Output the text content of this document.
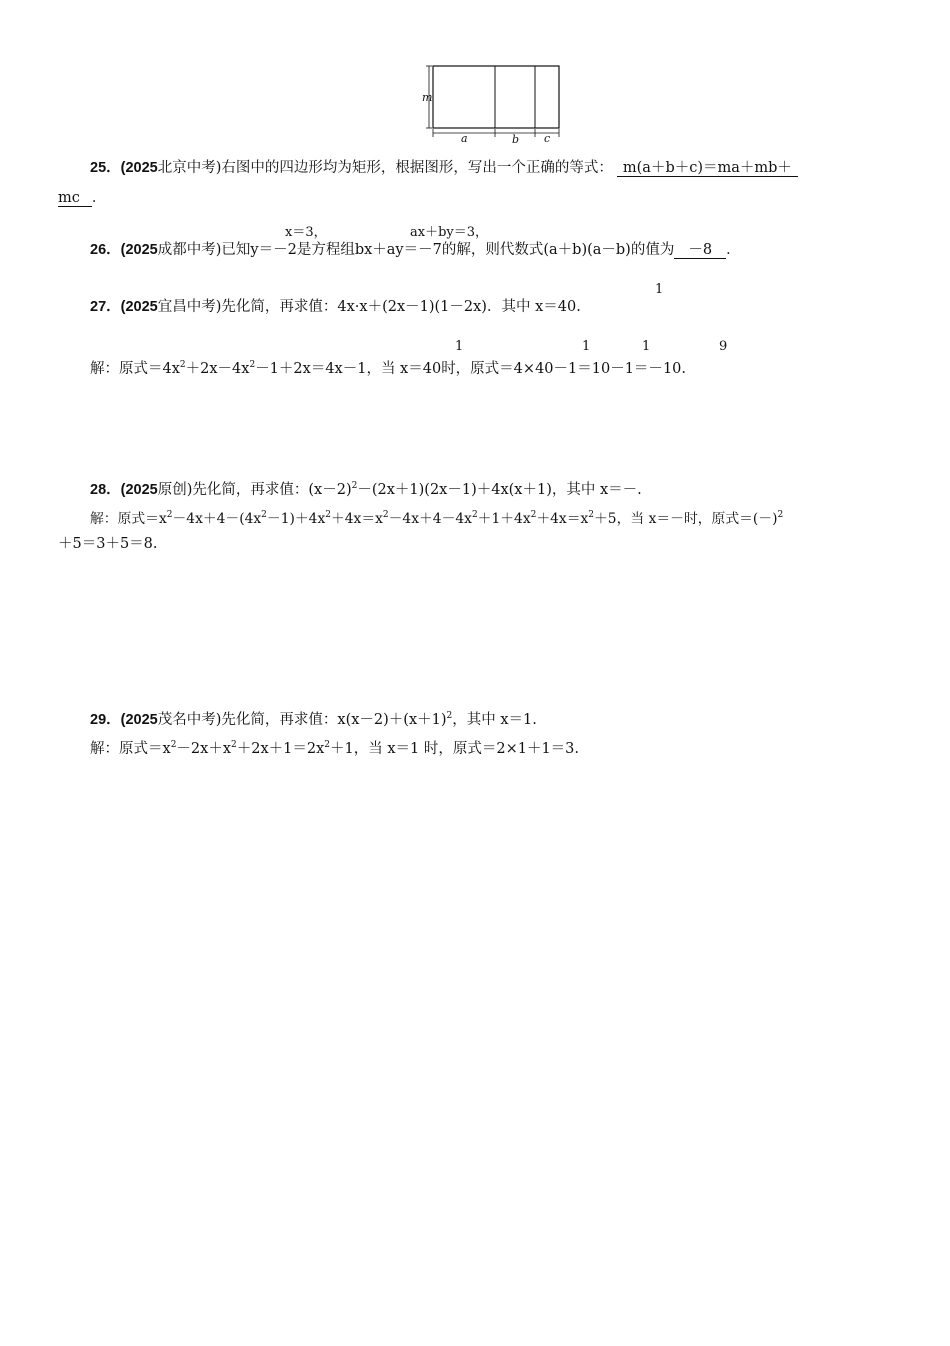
m
a	b c
25．(2025北京中考)右图中的四边形均为矩形，根据图形，写出一个正确的等式： m(a＋b＋c)＝ma＋mb＋
mc ．
x＝3，	ax＋by＝3，
26．(2025成都中考)已知y＝－2是方程组bx＋ay＝－7的解，则代数式(a＋b)(a－b)的值为 －8 ．
1
27．(2025宜昌中考)先化简，再求值：4x·x＋(2x－1)(1－2x)．其中 x＝40.
1	1	1	9
解：原式$=4x^2+2x-4x^2-1+2x=4x-1$，当 x＝40时，原式＝4×40－1＝10－1＝－10.
28．(2025原创)先化简，再求值：$(x-2)^2-(2x+1)(2x-1)+4x(x+1)$，其中 x＝－.
解：原式$=x^2-4x+4-(4x^2-1)+4x^2+4x=x^2-4x+4-4x^2+1+4x^2+4x=x^2+5$，当 x＝－时，原式$=(-)^2$
＋5＝3＋5＝8.
29．(2025茂名中考)先化简，再求值：$x(x-2)+(x+1)^2$，其中 x＝1.
解：原式$=x^2-2x+x^2+2x+1=2x^2+1$，当 x＝1 时，原式＝2×1＋1＝3.
